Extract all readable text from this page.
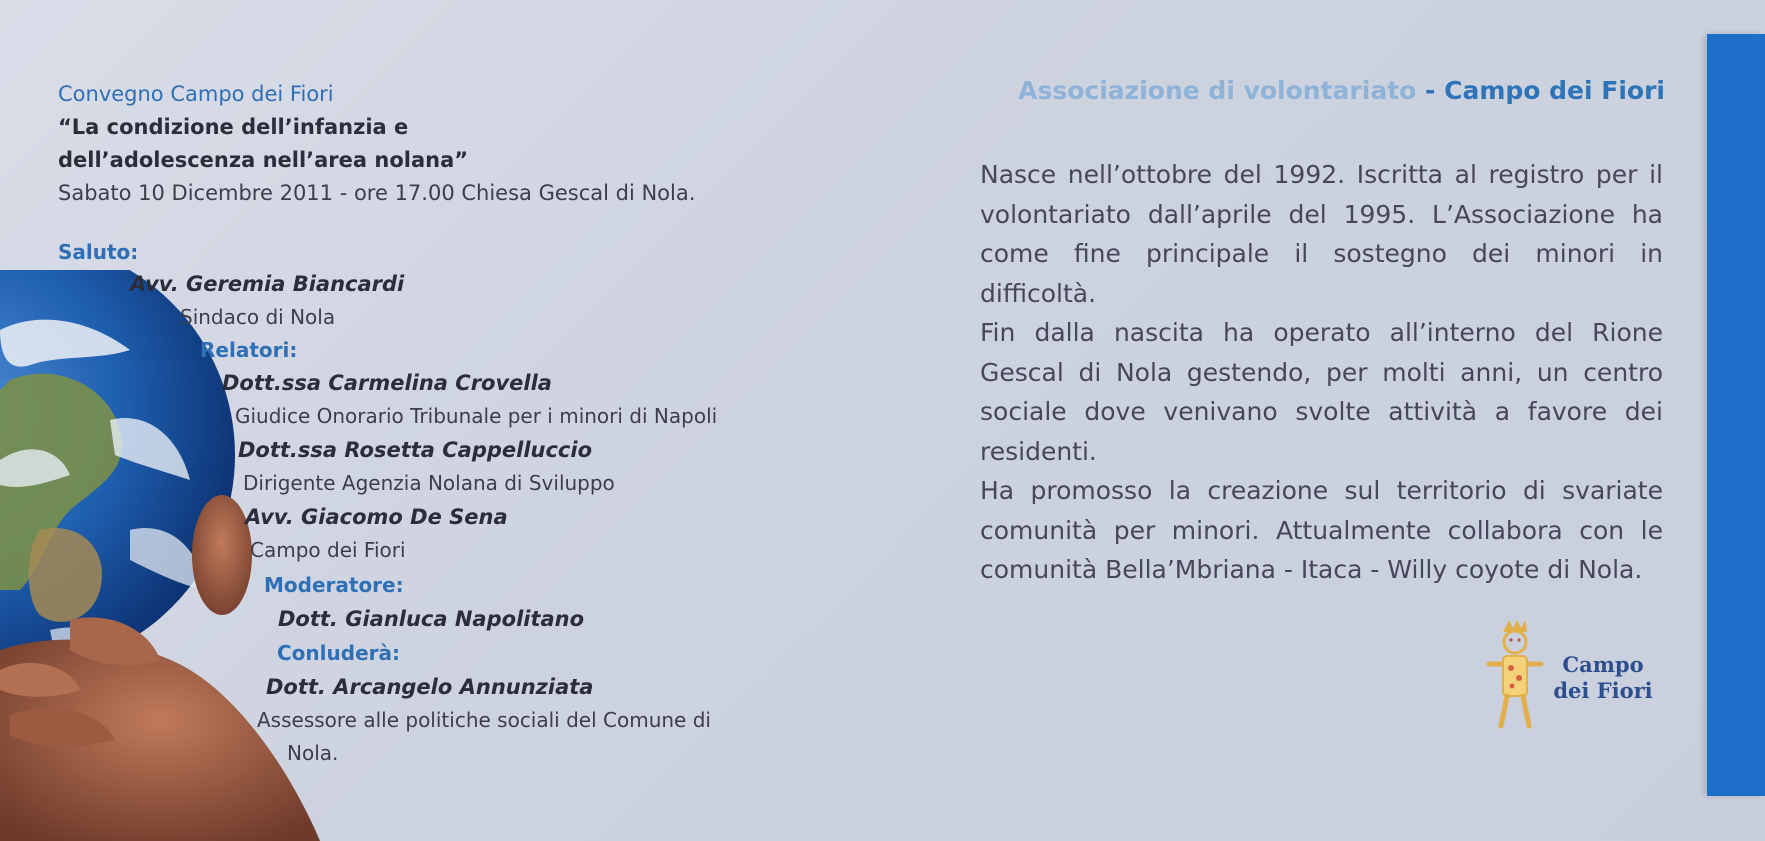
Convegno Campo dei Fiori
“La condizione dell’infanzia e
dell’adolescenza nell’area nolana”
Sabato 10 Dicembre 2011 - ore 17.00 Chiesa Gescal di Nola.
Saluto:
Avv. Geremia Biancardi
Sindaco di Nola
Relatori:
Dott.ssa Carmelina Crovella
Giudice Onorario Tribunale per i minori di Napoli
Dott.ssa Rosetta Cappelluccio
Dirigente Agenzia Nolana di Sviluppo
Avv. Giacomo De Sena
Campo dei Fiori
Moderatore:
Dott. Gianluca Napolitano
Conluderà:
Dott. Arcangelo Annunziata
Assessore alle politiche sociali del Comune di
Nola.
Associazione di volontariato - Campo dei Fiori

Nasce nell’ottobre del 1992. Iscritta al registro per il volontariato dall’aprile del 1995. L’Associazione ha come fine principale il sostegno dei minori in difficoltà.

Fin dalla nascita ha operato all’interno del Rione Gescal di Nola gestendo, per molti anni, un centro sociale dove venivano svolte attività a favore dei residenti.

Ha promosso la creazione sul territorio di svariate comunità per minori. Attualmente collabora con le comunità Bella’Mbriana - Itaca - Willy coyote di Nola.

Campo
dei Fiori
